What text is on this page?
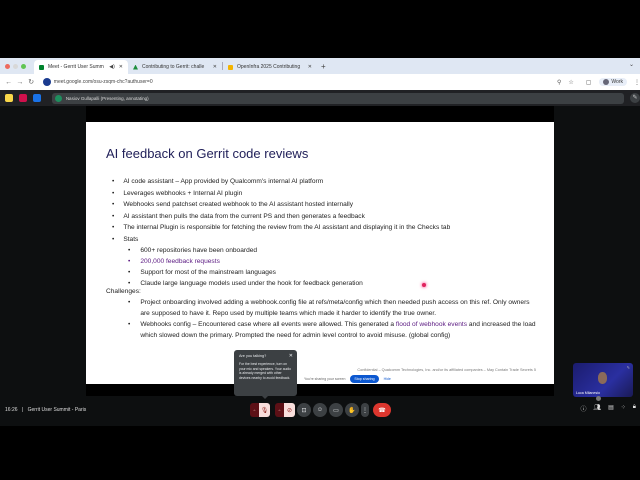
Meet - Gerrit User Summ ◀) ✕	Contributing to Gerrit: challe	✕	OpenInfra 2025 Contributing	✕ +	⌄
← → ↻	meet.google.com/osu-zsqm-chc?authuser=0	⚲ ☆ ▢	Work ⋮
Nasiov Gullapalli (Presenting, annotating)	✎
AI feedback on Gerrit code reviews
• AI code assistant – App provided by Qualcomm's internal AI platform
• Leverages webhooks + Internal AI plugin
• Webhooks send patchset created webhook to the AI assistant hosted internally
• AI assistant then pulls the data from the current PS and then generates a feedback
• The internal Plugin is responsible for fetching the review from the AI assistant and displaying it in the Checks tab
• Stats
• 600+ repositories have been onboarded
• 200,000 feedback requests
• Support for most of the mainstream languages
• Claude large language models used under the hook for feedback generation
Challenges:
• Project onboarding involved adding a webhook.config file at refs/meta/config which then needed push access on this ref. Only owners are supposed to have it. Repo used by multiple teams which made it harder to identify the true owner.
• Webhooks config – Encountered case where all events were allowed. This generated a flood of webhook events and increased the load which slowed down the primary. Prompted the need for admin level control to avoid misuse. (global config)
Confidential – Qualcomm Technologies, Inc. and/or its affiliated companies – May Contain Trade Secrets 5
You're sharing your screen	Stop sharing	Hide
Are you talking?
For the best experience, turn on your mic and speakers. Your audio is already merged with other devices nearby to avoid feedback.
✕
✎
Luca Milanesio
16:26 | Gerrit User Summit - Paris	^ 🎙︎	^	⊘	⊡	☺	▭	✋	⋮	☎	ⓘ 👥︎ ▤ ⁘ 🔒︎
